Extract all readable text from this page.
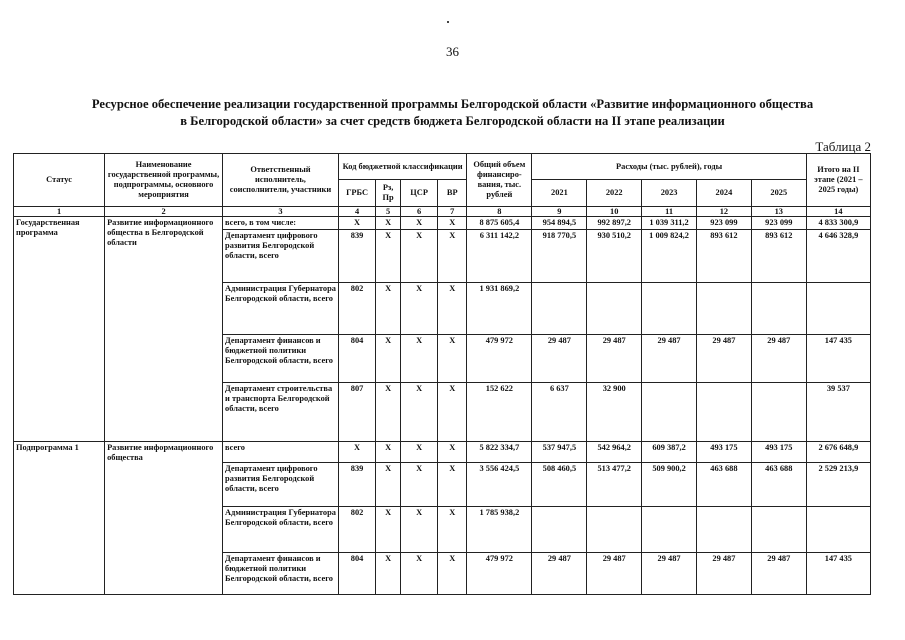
36
Ресурсное обеспечение реализации государственной программы Белгородской области «Развитие информационного общества
в Белгородской области» за счет средств бюджета Белгородской области на II этапе реализации
Таблица 2
Статус	Наименование государственной программы, подпрограммы, основного мероприятия	Ответственный исполнитель, соисполнители, участники	Код бюджетной классификации				Общий объем финансиро-вания, тыс. рублей	Расходы (тыс. рублей), годы					Итого на II этапе (2021 – 2025 годы)
			ГРБС	Рз, Пр	ЦСР	ВР		2021	2022	2023	2024	2025	
1	2	3	4	5	6	7	8	9	10	11	12	13	14
Государственная программа	Развитие информационного общества в Белгородской области	всего, в том числе:	Х	Х	Х	Х	8 875 605,4	954 894,5	992 897,2	1 039 311,2	923 099	923 099	4 833 300,9
		Департамент цифрового развития Белгородской области, всего	839	Х	Х	Х	6 311 142,2	918 770,5	930 510,2	1 009 824,2	893 612	893 612	4 646 328,9
		Администрация Губернатора Белгородской области, всего	802	Х	Х	Х	1 931 869,2						
		Департамент финансов и бюджетной политики Белгородской области, всего	804	Х	Х	Х	479 972	29 487	29 487	29 487	29 487	29 487	147 435
		Департамент строительства и транспорта Белгородской области, всего	807	Х	Х	Х	152 622	6 637	32 900				39 537
Подпрограмма 1	Развитие информационного общества	всего	Х	Х	Х	Х	5 822 334,7	537 947,5	542 964,2	609 387,2	493 175	493 175	2 676 648,9
		Департамент цифрового развития Белгородской области, всего	839	Х	Х	Х	3 556 424,5	508 460,5	513 477,2	509 900,2	463 688	463 688	2 529 213,9
		Администрация Губернатора Белгородской области, всего	802	Х	Х	Х	1 785 938,2						
		Департамент финансов и бюджетной политики Белгородской области, всего	804	Х	Х	Х	479 972	29 487	29 487	29 487	29 487	29 487	147 435
